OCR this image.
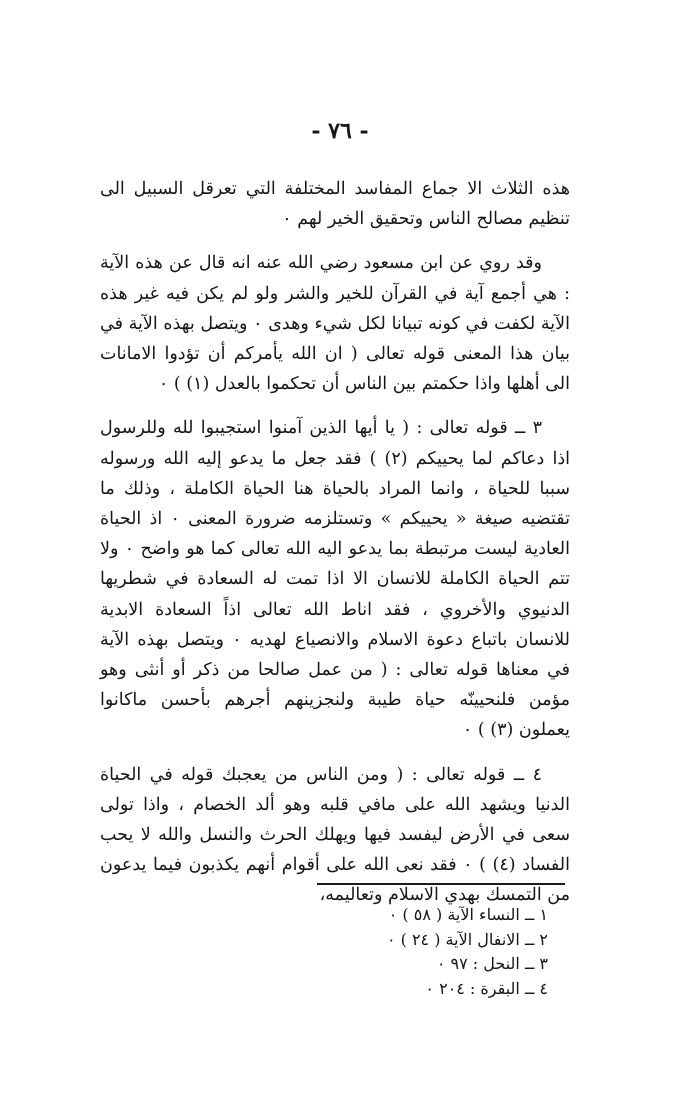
- ٧٦ -

هذه الثلاث الا جماع المفاسد المختلفة التي تعرقل السبيل الى تنظيم مصالح الناس وتحقيق الخير لهم ٠

وقد روي عن ابن مسعود رضي الله عنه انه قال عن هذه الآية : هي أجمع آية في القرآن للخير والشر ولو لم يكن فيه غير هذه الآية لكفت في كونه تبيانا لكل شيء وهدى ٠ ويتصل بهذه الآية في بيان هذا المعنى قوله تعالى ( ان الله يأمركم أن تؤدوا الامانات الى أهلها واذا حكمتم بين الناس أن تحكموا بالعدل (١) ) ٠

٣ ــ قوله تعالى : ( يا أيها الذين آمنوا استجيبوا لله وللرسول اذا دعاكم لما يحييكم (٢) ) فقد جعل ما يدعو إليه الله ورسوله سببا للحياة ، وانما المراد بالحياة هنا الحياة الكاملة ، وذلك ما تقتضيه صيغة « يحييكم » وتستلزمه ضرورة المعنى ٠ اذ الحياة العادية ليست مرتبطة بما يدعو اليه الله تعالى كما هو واضح ٠ ولا تتم الحياة الكاملة للانسان الا اذا تمت له السعادة في شطريها الدنيوي والأخروي ، فقد اناط الله تعالى اذاً السعادة الابدية للانسان باتباع دعوة الاسلام والانصياع لهديه ٠ ويتصل بهذه الآية في معناها قوله تعالى : ( من عمل صالحا من ذكر أو أنثى وهو مؤمن فلنحيينّه حياة طيبة ولنجزينهم أجرهم بأحسن ماكانوا يعملون (٣) ) ٠

٤ ــ قوله تعالى : ( ومن الناس من يعجبك قوله في الحياة الدنيا ويشهد الله على مافي قلبه وهو ألد الخصام ، واذا تولى سعى في الأرض ليفسد فيها ويهلك الحرث والنسل والله لا يحب الفساد (٤) ) ٠ فقد نعى الله على أقوام أنهم يكذبون فيما يدعون من التمسك بهدي الاسلام وتعاليمه،

١ ــ النساء الآية ( ٥٨ ) ٠
٢ ــ الانفال الآية ( ٢٤ ) ٠
٣ ــ النحل : ٩٧ ٠
٤ ــ البقرة : ٢٠٤ ٠
